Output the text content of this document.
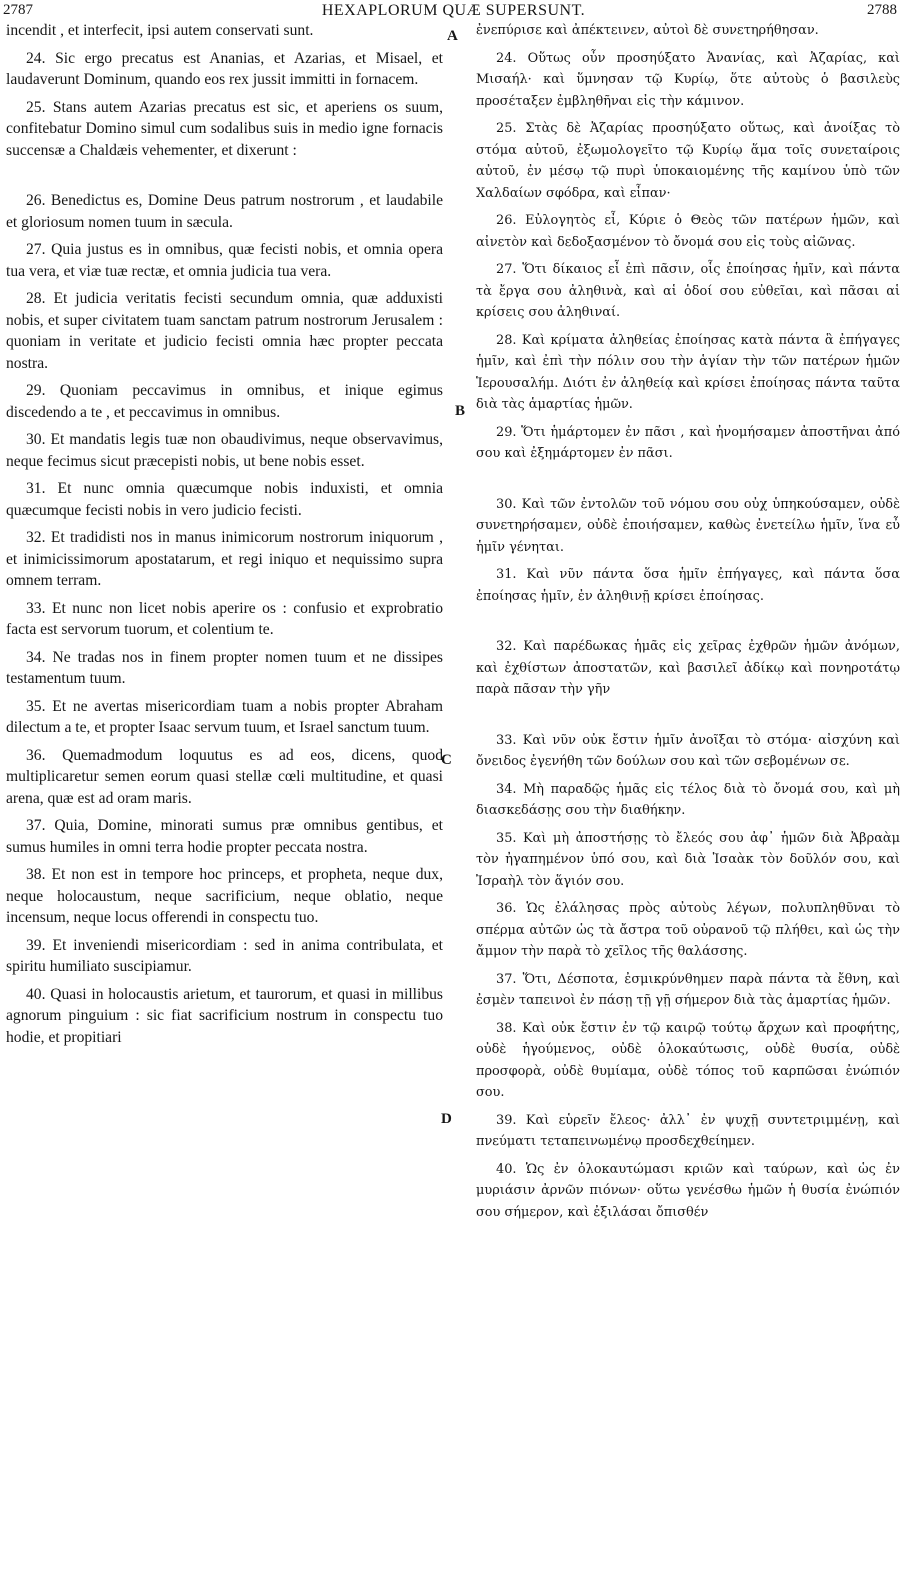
2787	HEXAPLORUM QUÆ SUPERSUNT.	2788
A
B
C
D

incendit , et interfecit, ipsi autem conservati sunt.

24. Sic ergo precatus est Ananias, et Azarias, et Misael, et laudaverunt Dominum, quando eos rex jussit immitti in fornacem.

25. Stans autem Azarias precatus est sic, et aperiens os suum, confitebatur Domino simul cum sodalibus suis in medio igne fornacis succensæ a Chaldæis vehementer, et dixerunt :

26. Benedictus es, Domine Deus patrum nostrorum , et laudabile et gloriosum nomen tuum in sæcula.

27. Quia justus es in omnibus, quæ fecisti nobis, et omnia opera tua vera, et viæ tuæ rectæ, et omnia judicia tua vera.

28. Et judicia veritatis fecisti secundum omnia, quæ adduxisti nobis, et super civitatem tuam sanctam patrum nostrorum Jerusalem : quoniam in veritate et judicio fecisti omnia hæc propter peccata nostra.

29. Quoniam peccavimus in omnibus, et inique egimus discedendo a te , et peccavimus in omnibus.

30. Et mandatis legis tuæ non obaudivimus, neque observavimus, neque fecimus sicut præcepisti nobis, ut bene nobis esset.

31. Et nunc omnia quæcumque nobis induxisti, et omnia quæcumque fecisti nobis in vero judicio fecisti.

32. Et tradidisti nos in manus inimicorum nostrorum iniquorum , et inimicissimorum apostatarum, et regi iniquo et nequissimo supra omnem terram.

33. Et nunc non licet nobis aperire os : confusio et exprobratio facta est servorum tuorum, et colentium te.

34. Ne tradas nos in finem propter nomen tuum et ne dissipes testamentum tuum.

35. Et ne avertas misericordiam tuam a nobis propter Abraham dilectum a te, et propter Isaac servum tuum, et Israel sanctum tuum.

36. Quemadmodum loquutus es ad eos, dicens, quod multiplicaretur semen eorum quasi stellæ cœli multitudine, et quasi arena, quæ est ad oram maris.

37. Quia, Domine, minorati sumus præ omnibus gentibus, et sumus humiles in omni terra hodie propter peccata nostra.

38. Et non est in tempore hoc princeps, et propheta, neque dux, neque holocaustum, neque sacrificium, neque oblatio, neque incensum, neque locus offerendi in conspectu tuo.

39. Et inveniendi misericordiam : sed in anima contribulata, et spiritu humiliato suscipiamur.

40. Quasi in holocaustis arietum, et taurorum, et quasi in millibus agnorum pinguium : sic fiat sacrificium nostrum in conspectu tuo hodie, et propitiari

ἐνεπύρισε καὶ ἀπέκτεινεν, αὐτοὶ δὲ συνετηρήθησαν.

24. Οὕτως οὖν προσηύξατο Ἀνανίας, καὶ Ἀζαρίας, καὶ Μισαήλ· καὶ ὕμνησαν τῷ Κυρίῳ, ὅτε αὐτοὺς ὁ βασιλεὺς προσέταξεν ἐμβληθῆναι εἰς τὴν κάμινον.

25. Στὰς δὲ Ἀζαρίας προσηύξατο οὕτως, καὶ ἀνοίξας τὸ στόμα αὐτοῦ, ἐξωμολογεῖτο τῷ Κυρίῳ ἅμα τοῖς συνεταίροις αὐτοῦ, ἐν μέσῳ τῷ πυρὶ ὑποκαιομένης τῆς καμίνου ὑπὸ τῶν Χαλδαίων σφόδρα, καὶ εἶπαν·

26. Εὐλογητὸς εἶ, Κύριε ὁ Θεὸς τῶν πατέρων ἡμῶν, καὶ αἰνετὸν καὶ δεδοξασμένον τὸ ὄνομά σου εἰς τοὺς αἰῶνας.

27. Ὅτι δίκαιος εἶ ἐπὶ πᾶσιν, οἷς ἐποίησας ἡμῖν, καὶ πάντα τὰ ἔργα σου ἀληθινὰ, καὶ αἱ ὁδοί σου εὐθεῖαι, καὶ πᾶσαι αἱ κρίσεις σου ἀληθιναί.

28. Καὶ κρίματα ἀληθείας ἐποίησας κατὰ πάντα ἃ ἐπήγαγες ἡμῖν, καὶ ἐπὶ τὴν πόλιν σου τὴν ἁγίαν τὴν τῶν πατέρων ἡμῶν Ἱερουσαλήμ. Διότι ἐν ἀληθείᾳ καὶ κρίσει ἐποίησας πάντα ταῦτα διὰ τὰς ἁμαρτίας ἡμῶν.

29. Ὅτι ἡμάρτομεν ἐν πᾶσι , καὶ ἠνομήσαμεν ἀποστῆναι ἀπό σου καὶ ἐξημάρτομεν ἐν πᾶσι.

30. Καὶ τῶν ἐντολῶν τοῦ νόμου σου οὐχ ὑπηκούσαμεν, οὐδὲ συνετηρήσαμεν, οὐδὲ ἐποιήσαμεν, καθὼς ἐνετείλω ἡμῖν, ἵνα εὖ ἡμῖν γένηται.

31. Καὶ νῦν πάντα ὅσα ἡμῖν ἐπήγαγες, καὶ πάντα ὅσα ἐποίησας ἡμῖν, ἐν ἀληθινῇ κρίσει ἐποίησας.

32. Καὶ παρέδωκας ἡμᾶς εἰς χεῖρας ἐχθρῶν ἡμῶν ἀνόμων, καὶ ἐχθίστων ἀποστατῶν, καὶ βασιλεῖ ἀδίκῳ καὶ πονηροτάτῳ παρὰ πᾶσαν τὴν γῆν

33. Καὶ νῦν οὐκ ἔστιν ἡμῖν ἀνοῖξαι τὸ στόμα· αἰσχύνη καὶ ὄνειδος ἐγενήθη τῶν δούλων σου καὶ τῶν σεβομένων σε.

34. Μὴ παραδῷς ἡμᾶς εἰς τέλος διὰ τὸ ὄνομά σου, καὶ μὴ διασκεδάσῃς σου τὴν διαθήκην.

35. Καὶ μὴ ἀποστήσῃς τὸ ἔλεός σου ἀφ᾽ ἡμῶν διὰ Ἀβραὰμ τὸν ἠγαπημένον ὑπό σου, καὶ διὰ Ἰσαὰκ τὸν δοῦλόν σου, καὶ Ἰσραὴλ τὸν ἅγιόν σου.

36. Ὡς ἐλάλησας πρὸς αὐτοὺς λέγων, πολυπληθῦναι τὸ σπέρμα αὐτῶν ὡς τὰ ἄστρα τοῦ οὐρανοῦ τῷ πλήθει, καὶ ὡς τὴν ἄμμον τὴν παρὰ τὸ χεῖλος τῆς θαλάσσης.

37. Ὅτι, Δέσποτα, ἐσμικρύνθημεν παρὰ πάντα τὰ ἔθνη, καὶ ἐσμὲν ταπεινοὶ ἐν πάσῃ τῇ γῇ σήμερον διὰ τὰς ἁμαρτίας ἡμῶν.

38. Καὶ οὐκ ἔστιν ἐν τῷ καιρῷ τούτῳ ἄρχων καὶ προφήτης, οὐδὲ ἡγούμενος, οὐδὲ ὁλοκαύτωσις, οὐδὲ θυσία, οὐδὲ προσφορὰ, οὐδὲ θυμίαμα, οὐδὲ τόπος τοῦ καρπῶσαι ἐνώπιόν σου.

39. Καὶ εὑρεῖν ἔλεος· ἀλλ᾽ ἐν ψυχῇ συντετριμμένῃ, καὶ πνεύματι τεταπεινωμένῳ προσδεχθείημεν.

40. Ὡς ἐν ὁλοκαυτώμασι κριῶν καὶ ταύρων, καὶ ὡς ἐν μυριάσιν ἀρνῶν πιόνων· οὕτω γενέσθω ἡμῶν ἡ θυσία ἐνώπιόν σου σήμερον, καὶ ἐξιλάσαι ὄπισθέν
